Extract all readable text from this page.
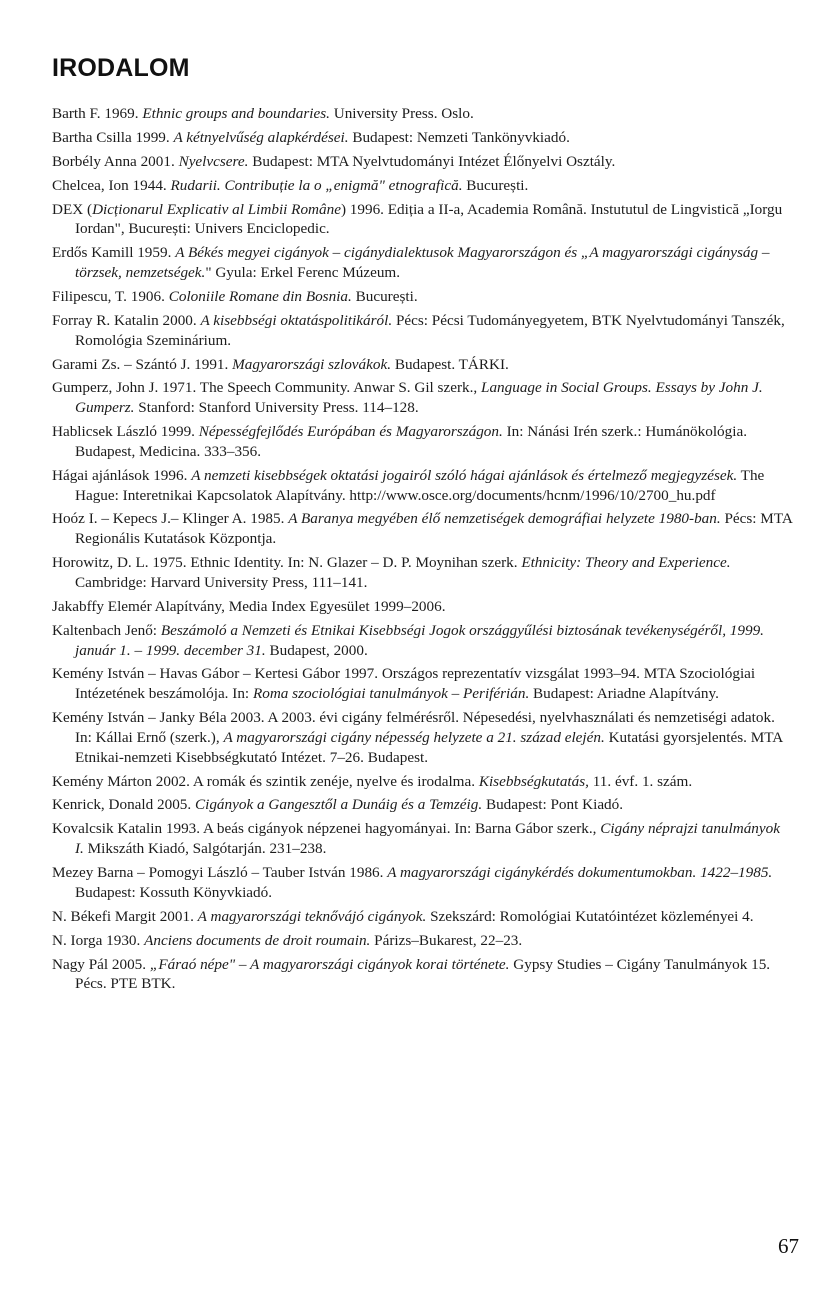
IRODALOM

Barth F. 1969. Ethnic groups and boundaries. University Press. Oslo.

Bartha Csilla 1999. A kétnyelvűség alapkérdései. Budapest: Nemzeti Tankönyvkiadó.

Borbély Anna 2001. Nyelvcsere. Budapest: MTA Nyelvtudományi Intézet Élőnyelvi Osztály.

Chelcea, Ion 1944. Rudarii. Contribuție la o „enigmă" etnografică. București.

DEX (Dicționarul Explicativ al Limbii Române) 1996. Ediția a II-a, Academia Română. Instututul de Lingvistică „Iorgu Iordan", București: Univers Enciclopedic.

Erdős Kamill 1959. A Békés megyei cigányok – cigánydialektusok Magyarországon és „A magyarországi cigányság – törzsek, nemzetségek." Gyula: Erkel Ferenc Múzeum.

Filipescu, T. 1906. Coloniile Romane din Bosnia. București.

Forray R. Katalin 2000. A kisebbségi oktatáspolitikáról. Pécs: Pécsi Tudományegyetem, BTK Nyelvtudományi Tanszék, Romológia Szeminárium.

Garami Zs. – Szántó J. 1991. Magyarországi szlovákok. Budapest. TÁRKI.

Gumperz, John J. 1971. The Speech Community. Anwar S. Gil szerk., Language in Social Groups. Essays by John J. Gumperz. Stanford: Stanford University Press. 114–128.

Hablicsek László 1999. Népességfejlődés Európában és Magyarországon. In: Nánási Irén szerk.: Humánökológia. Budapest, Medicina. 333–356.

Hágai ajánlások 1996. A nemzeti kisebbségek oktatási jogairól szóló hágai ajánlások és értelmező megjegyzések. The Hague: Interetnikai Kapcsolatok Alapítvány. http://www.osce.org/documents/hcnm/1996/10/2700_hu.pdf

Hoóz I. – Kepecs J.– Klinger A. 1985. A Baranya megyében élő nemzetiségek demográfiai helyzete 1980-ban. Pécs: MTA Regionális Kutatások Központja.

Horowitz, D. L. 1975. Ethnic Identity. In: N. Glazer – D. P. Moynihan szerk. Ethnicity: Theory and Experience. Cambridge: Harvard University Press, 111–141.

Jakabffy Elemér Alapítvány, Media Index Egyesület 1999–2006.

Kaltenbach Jenő: Beszámoló a Nemzeti és Etnikai Kisebbségi Jogok országgyűlési biztosának tevékenységéről, 1999. január 1. – 1999. december 31. Budapest, 2000.

Kemény István – Havas Gábor – Kertesi Gábor 1997. Országos reprezentatív vizsgálat 1993–94. MTA Szociológiai Intézetének beszámolója. In: Roma szociológiai tanulmányok – Periférián. Budapest: Ariadne Alapítvány.

Kemény István – Janky Béla 2003. A 2003. évi cigány felmérésről. Népesedési, nyelvhasználati és nemzetiségi adatok. In: Kállai Ernő (szerk.), A magyarországi cigány népesség helyzete a 21. század elején. Kutatási gyorsjelentés. MTA Etnikai-nemzeti Kisebbségkutató Intézet. 7–26. Budapest.

Kemény Márton 2002. A romák és szintik zenéje, nyelve és irodalma. Kisebbségkutatás, 11. évf. 1. szám.

Kenrick, Donald 2005. Cigányok a Gangesztől a Dunáig és a Temzéig. Budapest: Pont Kiadó.

Kovalcsik Katalin 1993. A beás cigányok népzenei hagyományai. In: Barna Gábor szerk., Cigány néprajzi tanulmányok I. Mikszáth Kiadó, Salgótarján. 231–238.

Mezey Barna – Pomogyi László – Tauber István 1986. A magyarországi cigánykérdés dokumentumokban. 1422–1985. Budapest: Kossuth Könyvkiadó.

N. Békefi Margit 2001. A magyarországi teknővájó cigányok. Szekszárd: Romológiai Kutatóintézet közleményei 4.

N. Iorga 1930. Anciens documents de droit roumain. Párizs–Bukarest, 22–23.

Nagy Pál 2005. „Fáraó népe" – A magyarországi cigányok korai története. Gypsy Studies – Cigány Tanulmányok 15. Pécs. PTE BTK.

67
